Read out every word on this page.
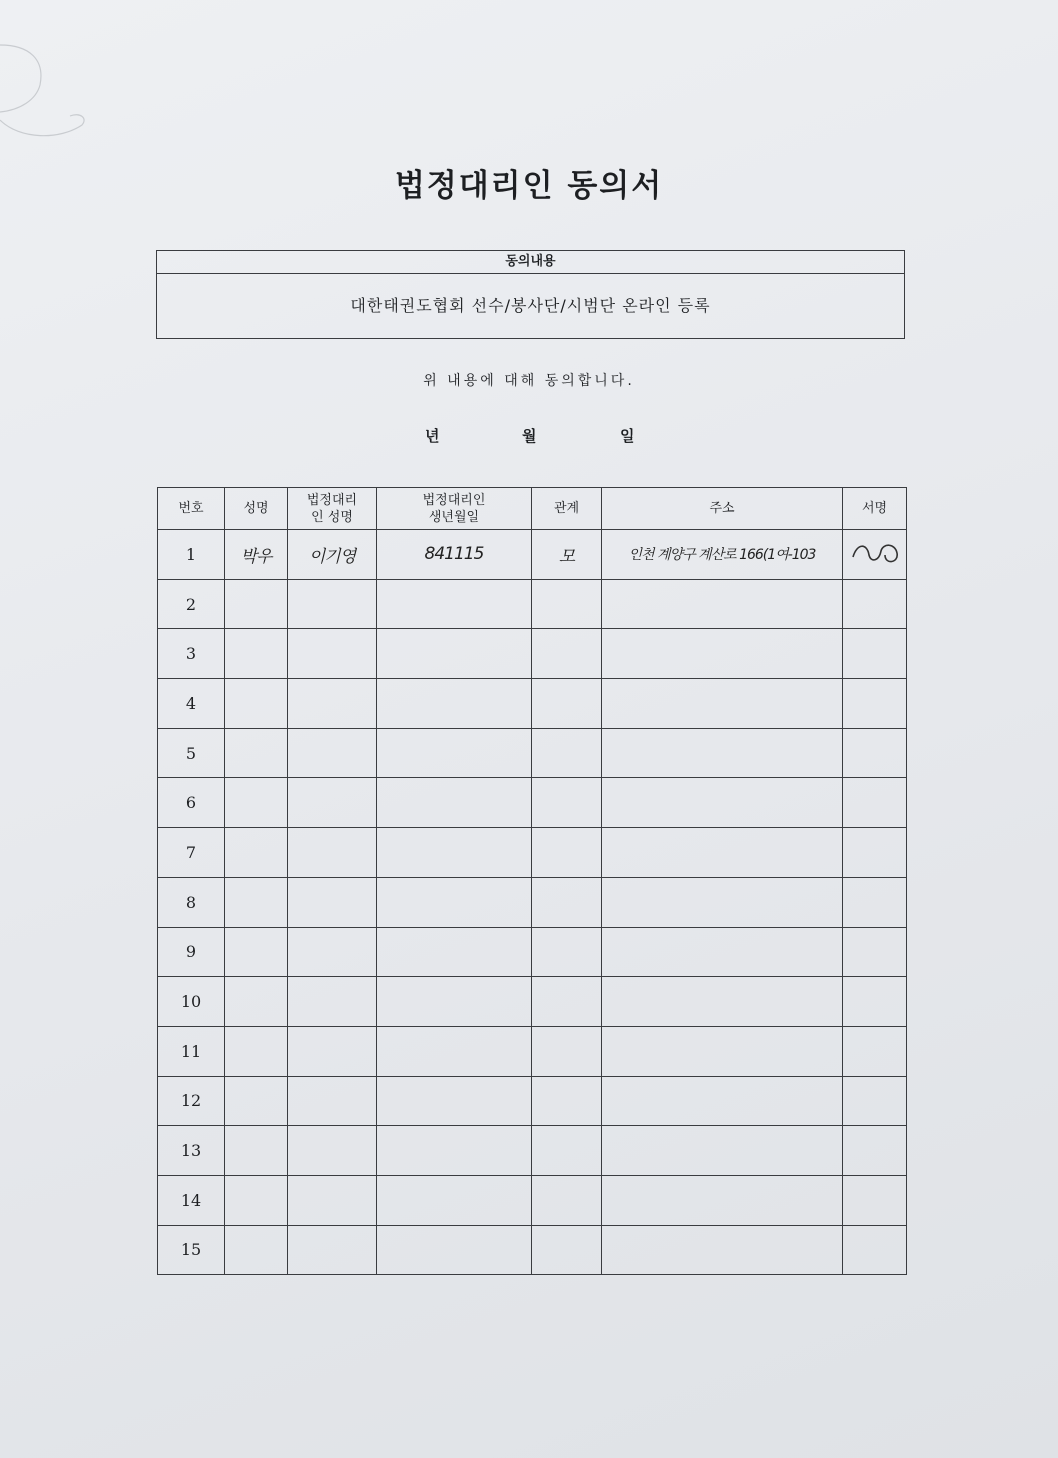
법정대리인 동의서
동의내용
대한태권도협회 선수/봉사단/시범단 온라인 등록
위 내용에 대해 동의합니다.
년	월	일
번호	성명	법정대리인 성명	법정대리인 생년월일	관계	주소	서명
1	박우	이기영	841115	모	인천 계양구 계산로 166(1여-103	
2						
3						
4						
5						
6						
7						
8						
9						
10						
11						
12						
13						
14						
15						
